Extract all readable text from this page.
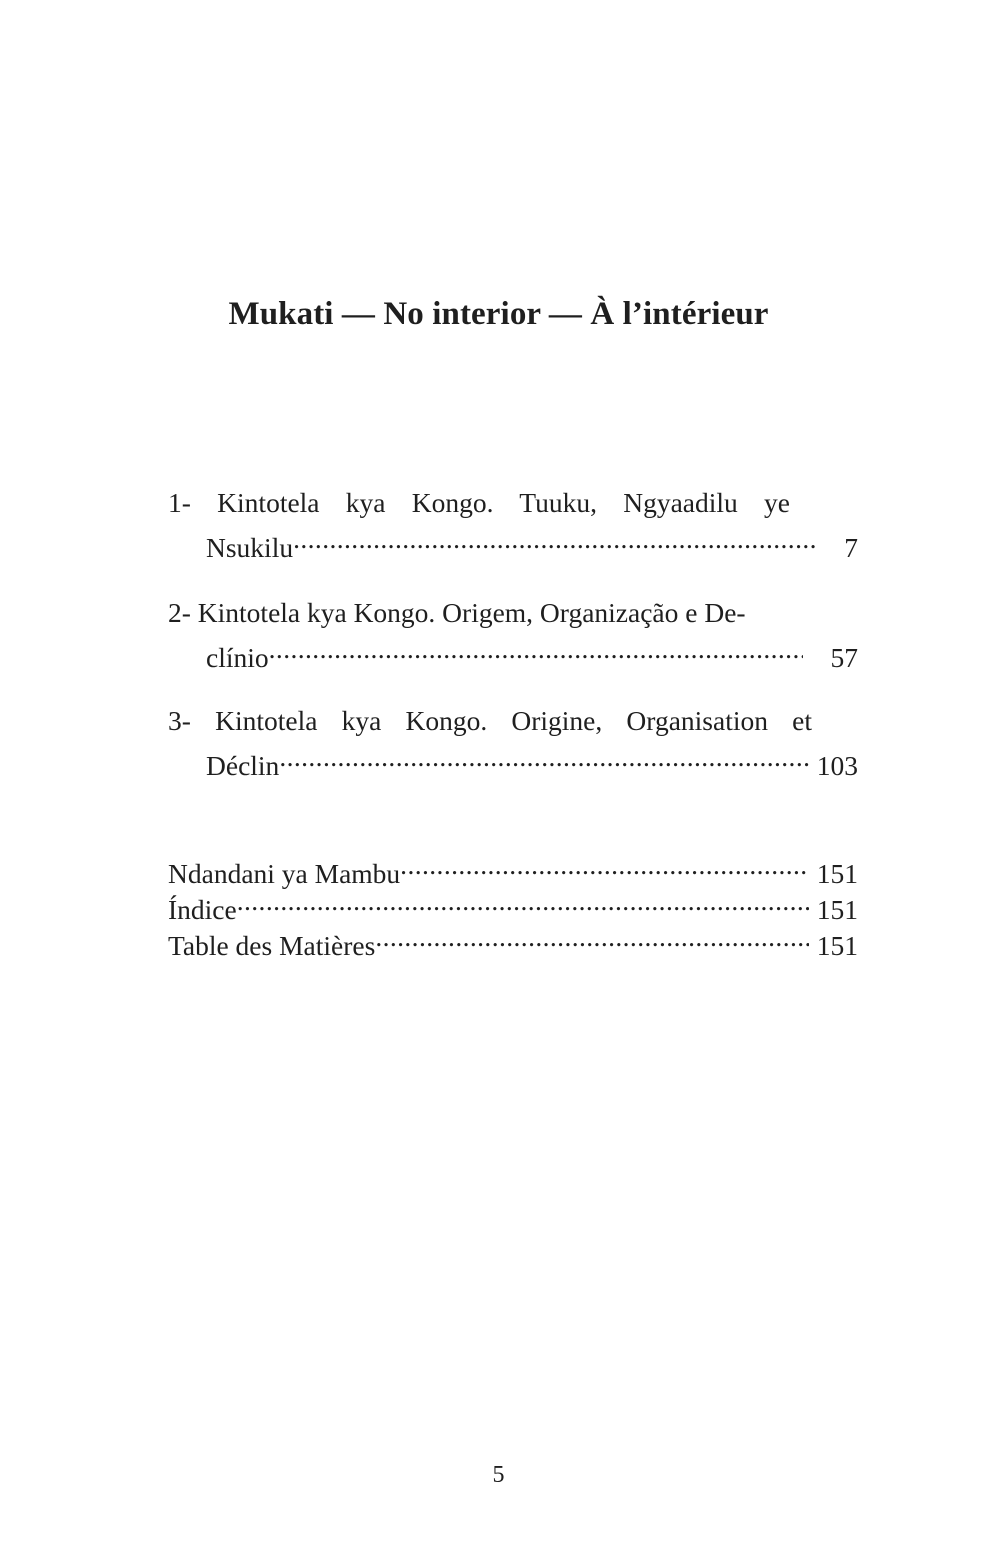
Mukati — No interior — À l’intérieur
1- Kintotela kya Kongo. Tuuku, Ngyaadilu ye
Nsukilu .....	7
2- Kintotela kya Kongo. Origem, Organização e De-
clínio .....	57
3- Kintotela kya Kongo. Origine, Organisation et
Déclin .....	103
Ndandani ya Mambu .....	151
Índice .....	151
Table des Matières .....	151
5
